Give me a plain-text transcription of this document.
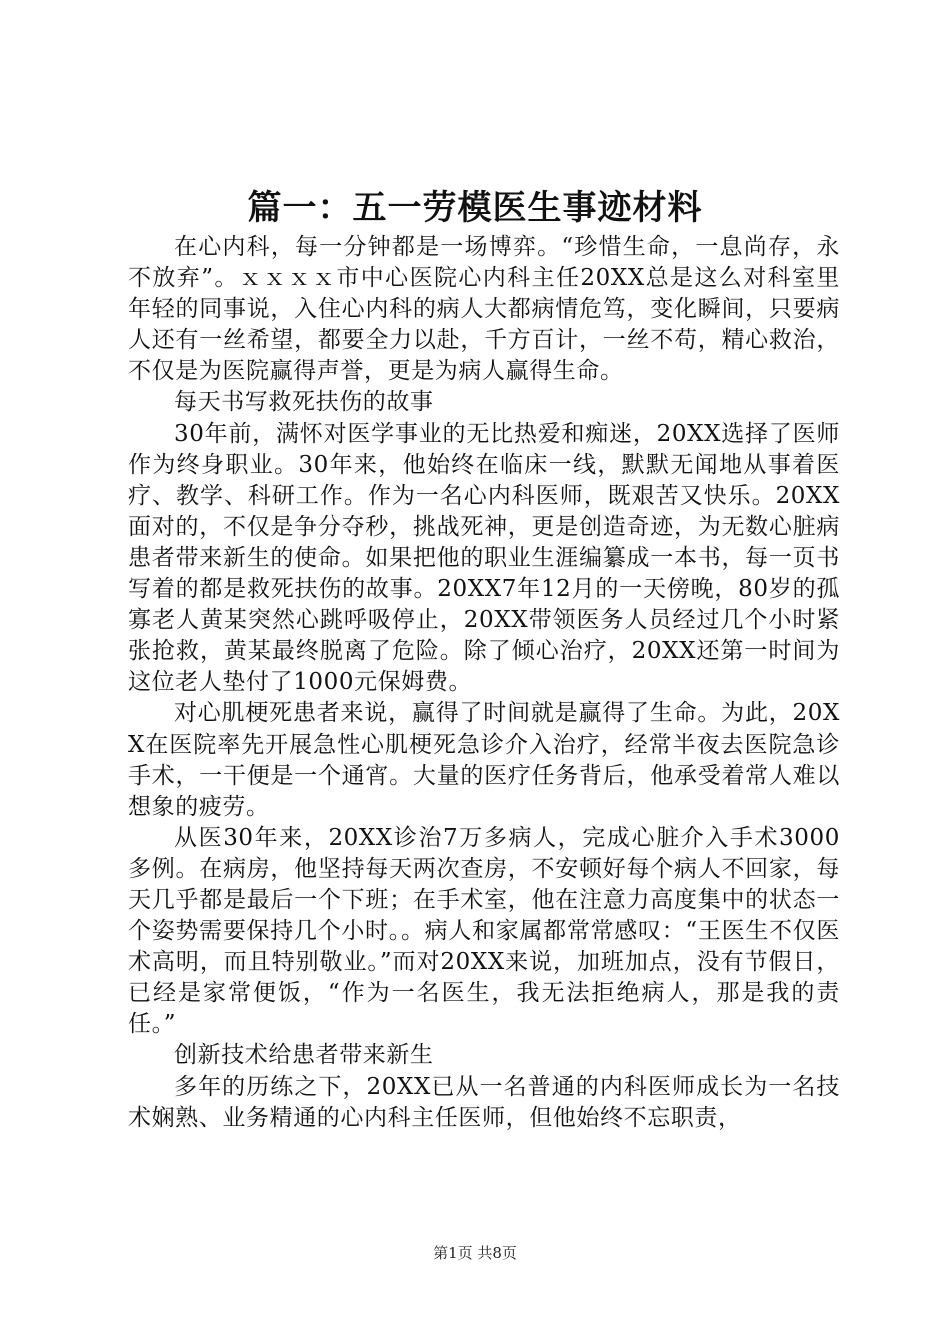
篇一：五一劳模医生事迹材料

在心内科，每一分钟都是一场博弈。“珍惜生命，一息尚存，永不放弃”。ｘｘｘｘ市中心医院心内科主任20XX总是这么对科室里年轻的同事说，入住心内科的病人大都病情危笃，变化瞬间，只要病人还有一丝希望，都要全力以赴，千方百计，一丝不苟，精心救治，不仅是为医院赢得声誉，更是为病人赢得生命。

每天书写救死扶伤的故事

30年前，满怀对医学事业的无比热爱和痴迷，20XX选择了医师作为终身职业。30年来，他始终在临床一线，默默无闻地从事着医疗、教学、科研工作。作为一名心内科医师，既艰苦又快乐。20XX面对的，不仅是争分夺秒，挑战死神，更是创造奇迹，为无数心脏病患者带来新生的使命。如果把他的职业生涯编纂成一本书，每一页书写着的都是救死扶伤的故事。20XX7年12月的一天傍晚，80岁的孤寡老人黄某突然心跳呼吸停止，20XX带领医务人员经过几个小时紧张抢救，黄某最终脱离了危险。除了倾心治疗，20XX还第一时间为这位老人垫付了1000元保姆费。

对心肌梗死患者来说，赢得了时间就是赢得了生命。为此，20XX在医院率先开展急性心肌梗死急诊介入治疗，经常半夜去医院急诊手术，一干便是一个通宵。大量的医疗任务背后，他承受着常人难以想象的疲劳。

从医30年来，20XX诊治7万多病人，完成心脏介入手术3000多例。在病房，他坚持每天两次查房，不安顿好每个病人不回家，每天几乎都是最后一个下班；在手术室，他在注意力高度集中的状态一个姿势需要保持几个小时。。病人和家属都常常感叹：“王医生不仅医术高明，而且特别敬业。”而对20XX来说，加班加点，没有节假日，已经是家常便饭，“作为一名医生，我无法拒绝病人，那是我的责任。”

创新技术给患者带来新生

多年的历练之下，20XX已从一名普通的内科医师成长为一名技术娴熟、业务精通的心内科主任医师，但他始终不忘职责，

第1页 共8页
